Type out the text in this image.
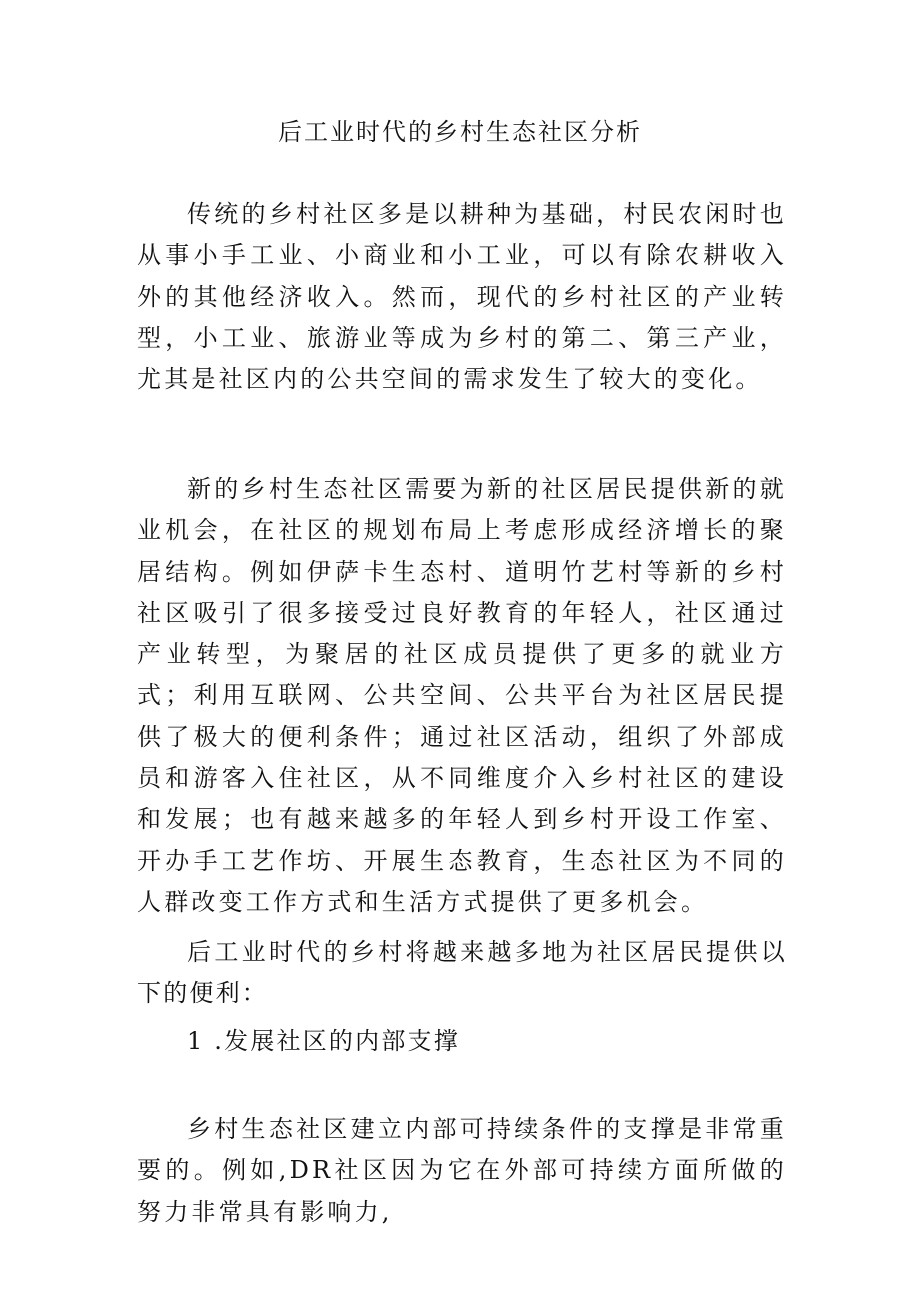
后工业时代的乡村生态社区分析

传统的乡村社区多是以耕种为基础，村民农闲时也从事小手工业、小商业和小工业，可以有除农耕收入外的其他经济收入。然而，现代的乡村社区的产业转型，小工业、旅游业等成为乡村的第二、第三产业，尤其是社区内的公共空间的需求发生了较大的变化。

新的乡村生态社区需要为新的社区居民提供新的就业机会，在社区的规划布局上考虑形成经济增长的聚居结构。例如伊萨卡生态村、道明竹艺村等新的乡村社区吸引了很多接受过良好教育的年轻人，社区通过产业转型，为聚居的社区成员提供了更多的就业方式；利用互联网、公共空间、公共平台为社区居民提供了极大的便利条件；通过社区活动，组织了外部成员和游客入住社区，从不同维度介入乡村社区的建设和发展；也有越来越多的年轻人到乡村开设工作室、开办手工艺作坊、开展生态教育，生态社区为不同的人群改变工作方式和生活方式提供了更多机会。

后工业时代的乡村将越来越多地为社区居民提供以下的便利：

1 .发展社区的内部支撑

乡村生态社区建立内部可持续条件的支撑是非常重要的。例如,DR社区因为它在外部可持续方面所做的努力非常具有影响力,
